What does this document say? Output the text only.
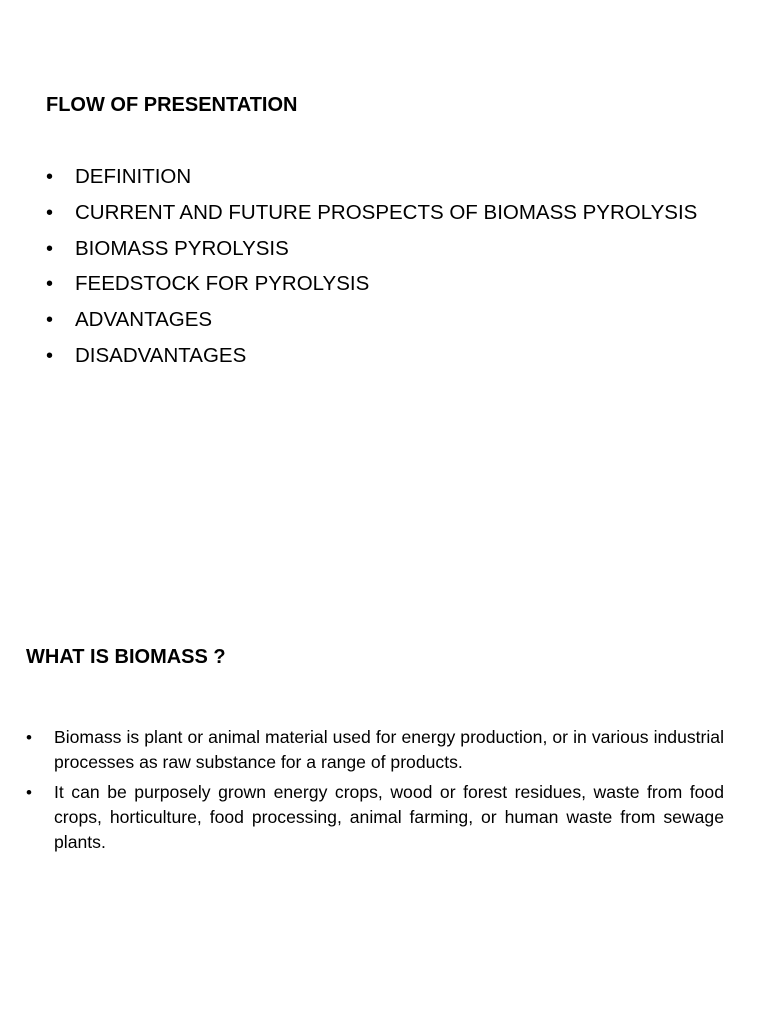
FLOW OF PRESENTATION
• DEFINITION
• CURRENT AND FUTURE PROSPECTS OF BIOMASS PYROLYSIS
• BIOMASS PYROLYSIS
• FEEDSTOCK FOR PYROLYSIS
• ADVANTAGES
• DISADVANTAGES
WHAT IS BIOMASS ?
• Biomass is plant or animal material used for energy production, or in various industrial processes as raw substance for a range of products.
• It can be purposely grown energy crops, wood or forest residues, waste from food crops, horticulture, food processing, animal farming, or human waste from sewage plants.
